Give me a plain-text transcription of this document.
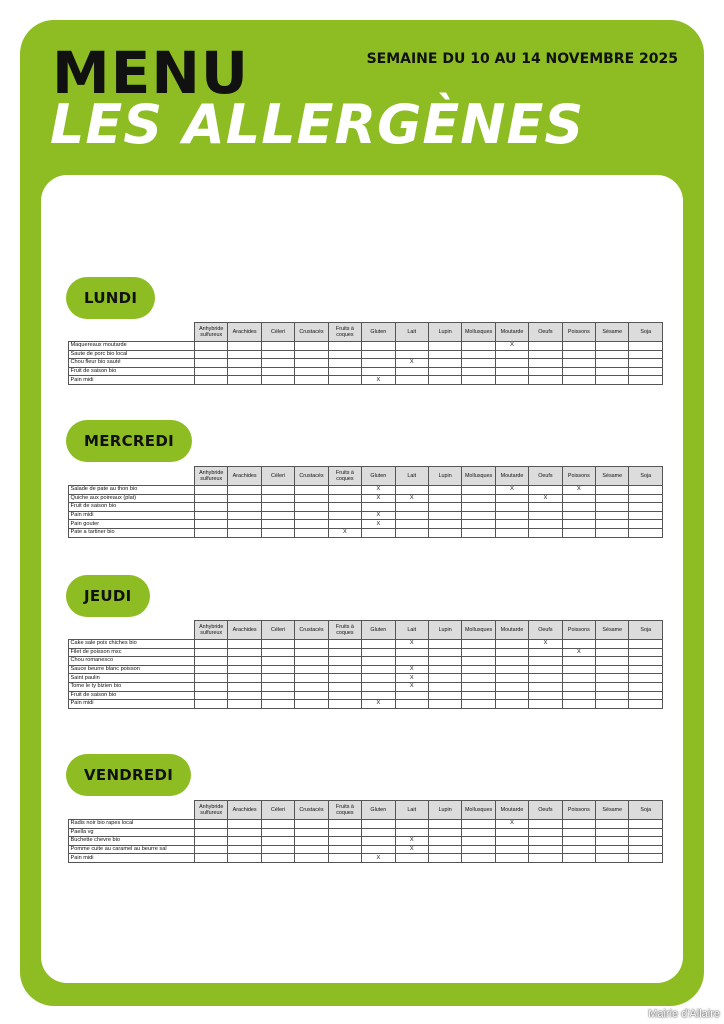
MENU
LES ALLERGÈNES
SEMAINE DU 10 AU 14 NOVEMBRE 2025
LUNDI
	Anhybride sulfureux	Arachides	Céleri	Crustacés	Fruits à coques	Gluten	Lait	Lupin	Mollusques	Moutarde	Oeufs	Poissons	Sésame	Soja
Maquereaux moutarde										X				
Saute de porc bio local														
Chou fleur bio sauté							X							
Fruit de saison bio														
Pain midi						X								
MERCREDI
	Anhybride sulfureux	Arachides	Céleri	Crustacés	Fruits à coques	Gluten	Lait	Lupin	Mollusques	Moutarde	Oeufs	Poissons	Sésame	Soja
Salade de pate au thon bio						X				X		X		
Quiche aux poireaux (plat)						X	X				X			
Fruit de saison bio														
Pain midi						X								
Pain gouter						X								
Pate a tartiner bio					X									
JEUDI
	Anhybride sulfureux	Arachides	Céleri	Crustacés	Fruits à coques	Gluten	Lait	Lupin	Mollusques	Moutarde	Oeufs	Poissons	Sésame	Soja
Cake sale pois chiches bio							X				X			
Filet de poisson msc												X		
Chou romanesco														
Sauce beurre blanc poisson							X							
Saint paulin							X							
Tome le ty bizien bio							X							
Fruit de saison bio														
Pain midi						X								
VENDREDI
	Anhybride sulfureux	Arachides	Céleri	Crustacés	Fruits à coques	Gluten	Lait	Lupin	Mollusques	Moutarde	Oeufs	Poissons	Sésame	Soja
Radis noir bio rapes local										X				
Paella vg														
Buchette chevre bio							X							
Pomme cuite au caramel au beurre sal							X							
Pain midi						X								
Mairie d'Allaire
